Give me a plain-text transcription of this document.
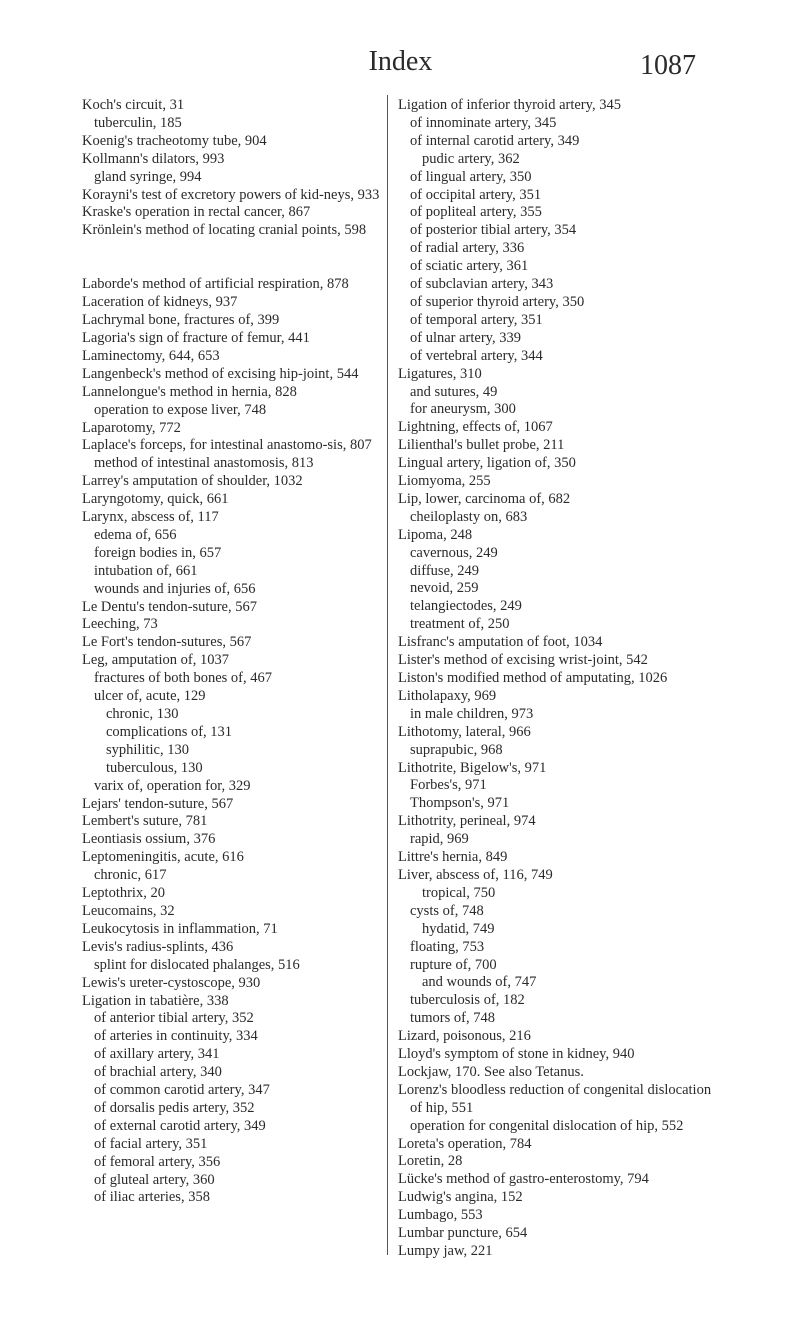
Index	1087
Koch's circuit, 31
tuberculin, 185
Koenig's tracheotomy tube, 904
Kollmann's dilators, 993
gland syringe, 994
Korayni's test of excretory powers of kid-neys, 933
Kraske's operation in rectal cancer, 867
Krönlein's method of locating cranial points, 598
Laborde's method of artificial respiration, 878
Laceration of kidneys, 937
Lachrymal bone, fractures of, 399
Lagoria's sign of fracture of femur, 441
Laminectomy, 644, 653
Langenbeck's method of excising hip-joint, 544
Lannelongue's method in hernia, 828
operation to expose liver, 748
Laparotomy, 772
Laplace's forceps, for intestinal anastomo-sis, 807
method of intestinal anastomosis, 813
Larrey's amputation of shoulder, 1032
Laryngotomy, quick, 661
Larynx, abscess of, 117
edema of, 656
foreign bodies in, 657
intubation of, 661
wounds and injuries of, 656
Le Dentu's tendon-suture, 567
Leeching, 73
Le Fort's tendon-sutures, 567
Leg, amputation of, 1037
fractures of both bones of, 467
ulcer of, acute, 129
chronic, 130
complications of, 131
syphilitic, 130
tuberculous, 130
varix of, operation for, 329
Lejars' tendon-suture, 567
Lembert's suture, 781
Leontiasis ossium, 376
Leptomeningitis, acute, 616
chronic, 617
Leptothrix, 20
Leucomains, 32
Leukocytosis in inflammation, 71
Levis's radius-splints, 436
splint for dislocated phalanges, 516
Lewis's ureter-cystoscope, 930
Ligation in tabatière, 338
of anterior tibial artery, 352
of arteries in continuity, 334
of axillary artery, 341
of brachial artery, 340
of common carotid artery, 347
of dorsalis pedis artery, 352
of external carotid artery, 349
of facial artery, 351
of femoral artery, 356
of gluteal artery, 360
of iliac arteries, 358
Ligation of inferior thyroid artery, 345
of innominate artery, 345
of internal carotid artery, 349
pudic artery, 362
of lingual artery, 350
of occipital artery, 351
of popliteal artery, 355
of posterior tibial artery, 354
of radial artery, 336
of sciatic artery, 361
of subclavian artery, 343
of superior thyroid artery, 350
of temporal artery, 351
of ulnar artery, 339
of vertebral artery, 344
Ligatures, 310
and sutures, 49
for aneurysm, 300
Lightning, effects of, 1067
Lilienthal's bullet probe, 211
Lingual artery, ligation of, 350
Liomyoma, 255
Lip, lower, carcinoma of, 682
cheiloplasty on, 683
Lipoma, 248
cavernous, 249
diffuse, 249
nevoid, 259
telangiectodes, 249
treatment of, 250
Lisfranc's amputation of foot, 1034
Lister's method of excising wrist-joint, 542
Liston's modified method of amputating, 1026
Litholapaxy, 969
in male children, 973
Lithotomy, lateral, 966
suprapubic, 968
Lithotrite, Bigelow's, 971
Forbes's, 971
Thompson's, 971
Lithotrity, perineal, 974
rapid, 969
Littre's hernia, 849
Liver, abscess of, 116, 749
tropical, 750
cysts of, 748
hydatid, 749
floating, 753
rupture of, 700
and wounds of, 747
tuberculosis of, 182
tumors of, 748
Lizard, poisonous, 216
Lloyd's symptom of stone in kidney, 940
Lockjaw, 170. See also Tetanus.
Lorenz's bloodless reduction of congenital dislocation of hip, 551
operation for congenital dislocation of hip, 552
Loreta's operation, 784
Loretin, 28
Lücke's method of gastro-enterostomy, 794
Ludwig's angina, 152
Lumbago, 553
Lumbar puncture, 654
Lumpy jaw, 221
